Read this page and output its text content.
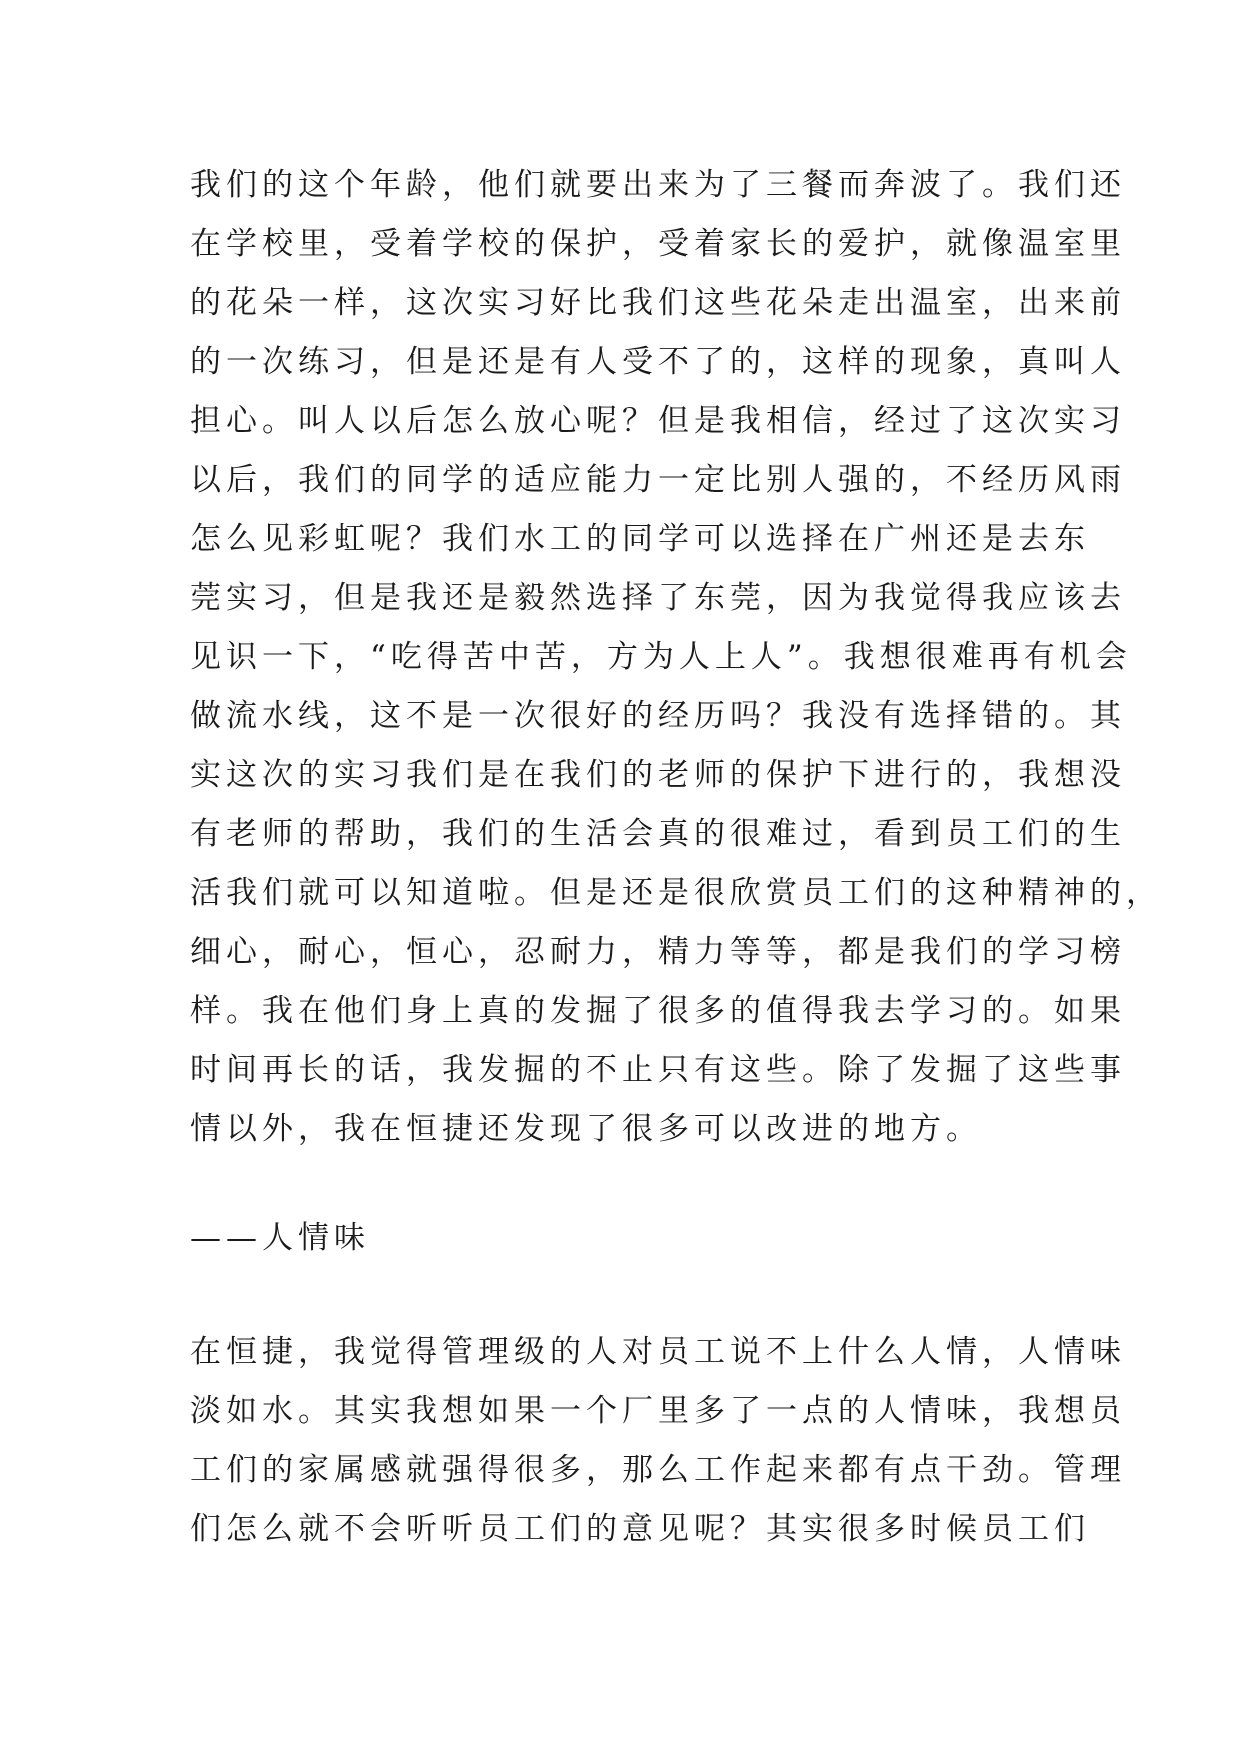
我们的这个年龄，他们就要出来为了三餐而奔波了。我们还
在学校里，受着学校的保护，受着家长的爱护，就像温室里
的花朵一样，这次实习好比我们这些花朵走出温室，出来前
的一次练习，但是还是有人受不了的，这样的现象，真叫人
担心。叫人以后怎么放心呢？但是我相信，经过了这次实习
以后，我们的同学的适应能力一定比别人强的，不经历风雨
怎么见彩虹呢？我们水工的同学可以选择在广州还是去东
莞实习，但是我还是毅然选择了东莞，因为我觉得我应该去
见识一下，“吃得苦中苦，方为人上人”。我想很难再有机会
做流水线，这不是一次很好的经历吗？我没有选择错的。其
实这次的实习我们是在我们的老师的保护下进行的，我想没
有老师的帮助，我们的生活会真的很难过，看到员工们的生
活我们就可以知道啦。但是还是很欣赏员工们的这种精神的，
细心，耐心，恒心，忍耐力，精力等等，都是我们的学习榜
样。我在他们身上真的发掘了很多的值得我去学习的。如果
时间再长的话，我发掘的不止只有这些。除了发掘了这些事
情以外，我在恒捷还发现了很多可以改进的地方。
——人情味
在恒捷，我觉得管理级的人对员工说不上什么人情，人情味
淡如水。其实我想如果一个厂里多了一点的人情味，我想员
工们的家属感就强得很多，那么工作起来都有点干劲。管理
们怎么就不会听听员工们的意见呢？其实很多时候员工们
